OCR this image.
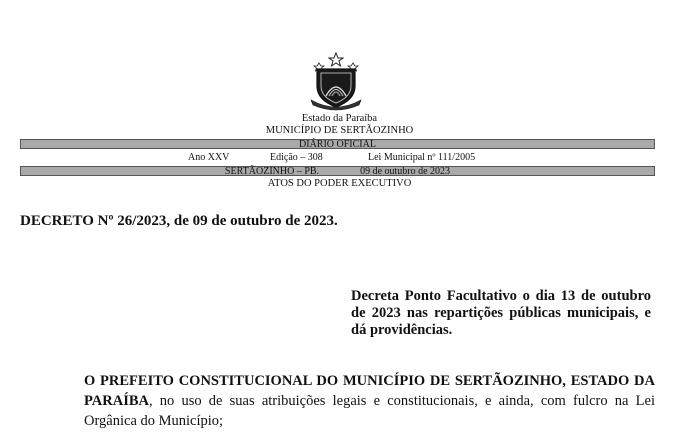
Estado da Paraíba
MUNICÍPIO DE SERTÃOZINHO
DIÁRIO OFICIAL
Ano XXV	Edição – 308	Lei Municipal nº 111/2005
SERTÃOZINHO – PB.	09 de outubro de 2023
ATOS DO PODER EXECUTIVO
DECRETO Nº 26/2023, de 09 de outubro de 2023.
Decreta Ponto Facultativo o dia 13 de outubro de 2023 nas repartições públicas municipais, e dá providências.
O PREFEITO CONSTITUCIONAL DO MUNICÍPIO DE SERTÃOZINHO, ESTADO DA PARAÍBA, no uso de suas atribuições legais e constitucionais, e ainda, com fulcro na Lei Orgânica do Município;
